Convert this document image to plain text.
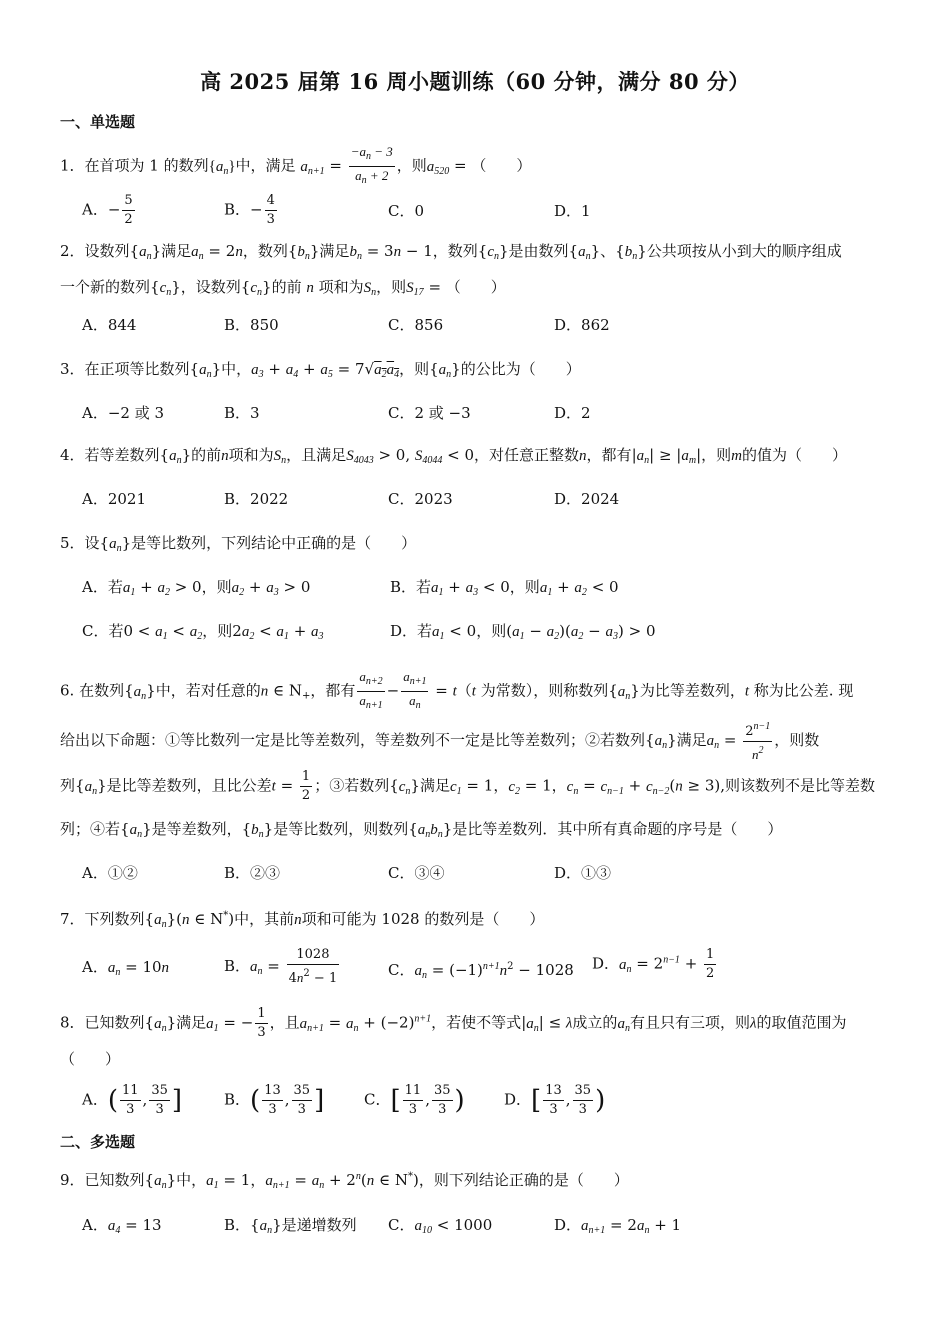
高 2025 届第 16 周小题训练（60 分钟，满分 80 分）
一、单选题
1．在首项为 1 的数列$\{a_n\}$中，满足 $a_{n+1} = \frac{-a_n - 3}{a_n + 2}$ ，则$a_{520}$ = （　　）
A．− $\frac{5}{2}$	B．− $\frac{4}{3}$	C．0	D．1
2．设数列$\{a_n\}$满足$a_n = 2n$，数列$\{b_n\}$满足$b_n = 3n - 1$，数列$\{c_n\}$是由数列$\{a_n\}$、$\{b_n\}$公共项按从小到大的顺序组成
一个新的数列$\{c_n\}$，设数列$\{c_n\}$的前 n 项和为$S_n$，则$S_{17}$ = （　　）
A．844	B．850	C．856	D．862
3．在正项等比数列$\{a_n\}$中，$a_3 + a_4 + a_5 = 7√a_2a_4$，则$\{a_n\}$的公比为（　　）
A．−2 或 3	B．3	C．2 或 −3	D．2
4．若等差数列$\{a_n\}$的前n项和为$S_n$，且满足$S_{4043} > 0$, $S_{4044} < 0$，对任意正整数n，都有$|a_n| \ge |a_m|$，则m的值为（　　）
A．2021	B．2022	C．2023	D．2024
5．设$\{a_n\}$是等比数列，下列结论中正确的是（　　）
A．若$a_1 + a_2 > 0$，则$a_2 + a_3 > 0$	B．若$a_1 + a_3 < 0$，则$a_1 + a_2 < 0$
C．若$0 < a_1 < a_2$，则$2a_2 < a_1 + a_3$	D．若$a_1 < 0$，则$(a_1 - a_2)(a_2 - a_3) > 0$
6. 在数列$\{a_n\}$中，若对任意的n ∈ $N_+$，都有 $\frac{a_{n+2}}{a_{n+1}} - \frac{a_{n+1}}{a_n} = t(t$ 为常数），则称数列$\{a_n\}$为比等差数列，t 称为比公差. 现
给出以下命题：①等比数列一定是比等差数列，等差数列不一定是比等差数列；②若数列$\{a_n\}$满足$a_n = \frac{2^{n-1}}{n^2}$ ，则数
列$\{a_n\}$是比等差数列，且比公差$t = \frac{1}{2}$ ；③若数列$\{c_n\}$满足$c_1 = 1$，$c_2 = 1$，$c_n = c_{n-1} + c_{n-2}(n \ge 3)$,则该数列不是比等差数
列；④若$\{a_n\}$是等差数列，$\{b_n\}$是等比数列，则数列$\{a_nb_n\}$是比等差数列．其中所有真命题的序号是（　　）
A．①②	B．②③	C．③④	D．①③
7．下列数列$\{a_n\}(n$ ∈ N*)中，其前n项和可能为 1028 的数列是（　　）
A．$a_n = 10n$	B．$a_n = \frac{1028}{4n^2 - 1}$	C．$a_n = (-1)^{n+1}n^2 - 1028$ D．$a_n = 2^{n-1} + \frac{1}{2}$
8．已知数列$\{a_n\}$满足$a_1$ = − $\frac{1}{3}$ ，且$a_{n+1} = a_n + (-2)^{n+1}$，若使不等式$|a_n| \le \lambda$成立的$a_n$有且只有三项，则λ的取值范围为
（　　）
A．( $\frac{11}{3}$ , $\frac{35}{3}$ ]	B．( $\frac{13}{3}$ , $\frac{35}{3}$ ]	C．[ $\frac{11}{3}$ , $\frac{35}{3}$ )	D．[ $\frac{13}{3}$ , $\frac{35}{3}$ )
二、多选题
9．已知数列$\{a_n\}$中，$a_1 = 1$，$a_{n+1} = a_n + 2^n(n$ ∈ N*)，则下列结论正确的是（　　）
A．$a_4 = 13$	B．$\{a_n\}$是递增数列 C．$a_{10} < 1000$	D．$a_{n+1} = 2a_n + 1$
